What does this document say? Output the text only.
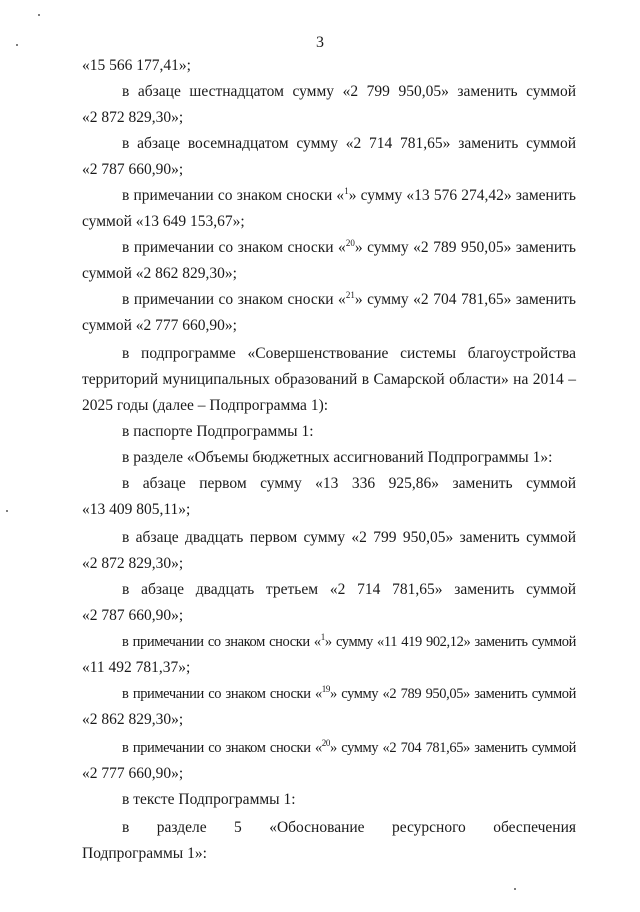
3
«15 566 177,41»;
в абзаце шестнадцатом сумму «2 799 950,05» заменить суммой
«2 872 829,30»;
в абзаце восемнадцатом сумму «2 714 781,65» заменить суммой
«2 787 660,90»;
в примечании со знаком сноски «$^1$» сумму «13 576 274,42» заменить
суммой «13 649 153,67»;
в примечании со знаком сноски «$^{20}$» сумму «2 789 950,05» заменить
суммой «2 862 829,30»;
в примечании со знаком сноски «$^{21}$» сумму «2 704 781,65» заменить
суммой «2 777 660,90»;
в подпрограмме «Совершенствование системы благоустройства
территорий муниципальных образований в Самарской области» на 2014 –
2025 годы (далее – Подпрограмма 1):
в паспорте Подпрограммы 1:
в разделе «Объемы бюджетных ассигнований Подпрограммы 1»:
в абзаце первом сумму «13 336 925,86» заменить суммой
«13 409 805,11»;
в абзаце двадцать первом сумму «2 799 950,05» заменить суммой
«2 872 829,30»;
в абзаце двадцать третьем «2 714 781,65» заменить суммой
«2 787 660,90»;
в примечании со знаком сноски «$^1$» сумму «11 419 902,12» заменить суммой
«11 492 781,37»;
в примечании со знаком сноски «$^{19}$» сумму «2 789 950,05» заменить суммой
«2 862 829,30»;
в примечании со знаком сноски «$^{20}$» сумму «2 704 781,65» заменить суммой
«2 777 660,90»;
в тексте Подпрограммы 1:
в разделе 5 «Обоснование ресурсного обеспечения
Подпрограммы 1»:
